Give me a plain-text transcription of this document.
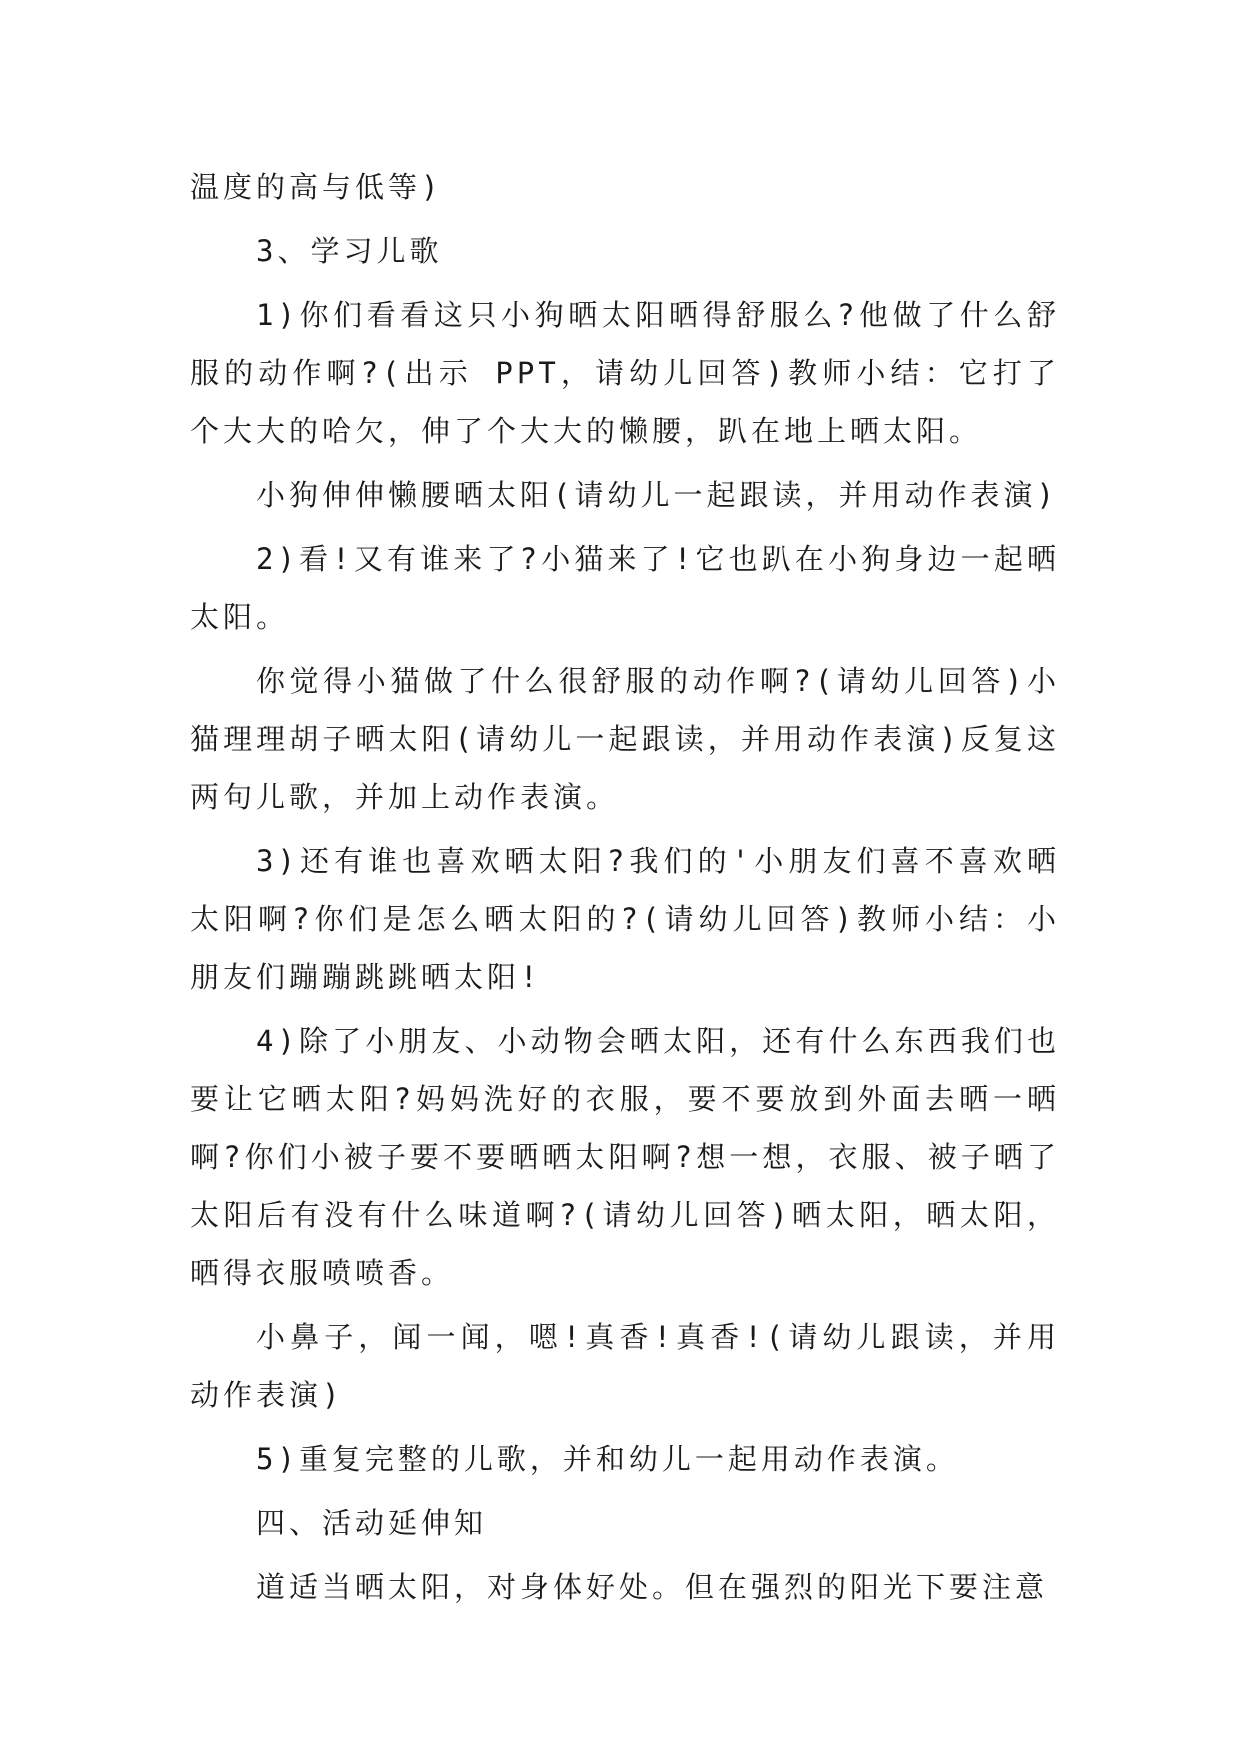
温度的高与低等)

3、学习儿歌

1)你们看看这只小狗晒太阳晒得舒服么?他做了什么舒服的动作啊?(出示 PPT，请幼儿回答)教师小结：它打了个大大的哈欠，伸了个大大的懒腰，趴在地上晒太阳。

小狗伸伸懒腰晒太阳(请幼儿一起跟读，并用动作表演)

2)看!又有谁来了?小猫来了!它也趴在小狗身边一起晒太阳。

你觉得小猫做了什么很舒服的动作啊?(请幼儿回答)小猫理理胡子晒太阳(请幼儿一起跟读，并用动作表演)反复这两句儿歌，并加上动作表演。

3)还有谁也喜欢晒太阳?我们的'小朋友们喜不喜欢晒太阳啊?你们是怎么晒太阳的?(请幼儿回答)教师小结：小朋友们蹦蹦跳跳晒太阳!

4)除了小朋友、小动物会晒太阳，还有什么东西我们也要让它晒太阳?妈妈洗好的衣服，要不要放到外面去晒一晒啊?你们小被子要不要晒晒太阳啊?想一想，衣服、被子晒了太阳后有没有什么味道啊?(请幼儿回答)晒太阳，晒太阳，晒得衣服喷喷香。

小鼻子，闻一闻，嗯!真香!真香!(请幼儿跟读，并用动作表演)

5)重复完整的儿歌，并和幼儿一起用动作表演。

四、活动延伸知

道适当晒太阳，对身体好处。但在强烈的阳光下要注意
